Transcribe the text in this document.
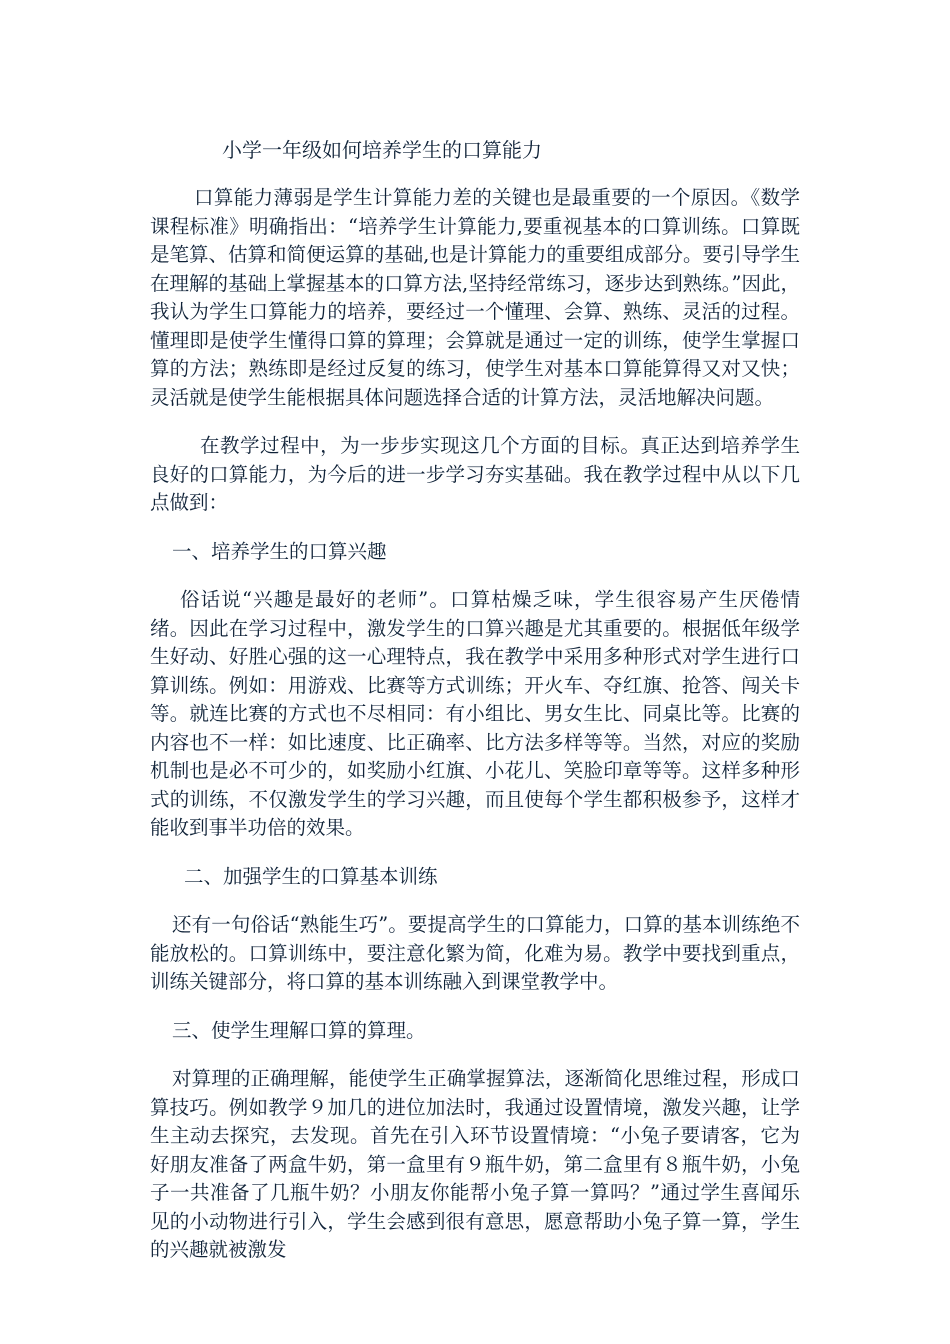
小学一年级如何培养学生的口算能力

口算能力薄弱是学生计算能力差的关键也是最重要的一个原因。《数学课程标准》明确指出：“培养学生计算能力,要重视基本的口算训练。口算既是笔算、估算和简便运算的基础,也是计算能力的重要组成部分。要引导学生在理解的基础上掌握基本的口算方法,坚持经常练习，逐步达到熟练。”因此，我认为学生口算能力的培养，要经过一个懂理、会算、熟练、灵活的过程。懂理即是使学生懂得口算的算理；会算就是通过一定的训练，使学生掌握口算的方法；熟练即是经过反复的练习，使学生对基本口算能算得又对又快；灵活就是使学生能根据具体问题选择合适的计算方法，灵活地解决问题。

在教学过程中，为一步步实现这几个方面的目标。真正达到培养学生良好的口算能力，为今后的进一步学习夯实基础。我在教学过程中从以下几点做到：

一、培养学生的口算兴趣

俗话说“兴趣是最好的老师”。口算枯燥乏味，学生很容易产生厌倦情绪。因此在学习过程中，激发学生的口算兴趣是尤其重要的。根据低年级学生好动、好胜心强的这一心理特点，我在教学中采用多种形式对学生进行口算训练。例如：用游戏、比赛等方式训练；开火车、夺红旗、抢答、闯关卡等。就连比赛的方式也不尽相同：有小组比、男女生比、同桌比等。比赛的内容也不一样：如比速度、比正确率、比方法多样等等。当然，对应的奖励机制也是必不可少的，如奖励小红旗、小花儿、笑脸印章等等。这样多种形式的训练，不仅激发学生的学习兴趣，而且使每个学生都积极参予，这样才能收到事半功倍的效果。

二、加强学生的口算基本训练

还有一句俗话“熟能生巧”。要提高学生的口算能力，口算的基本训练绝不能放松的。口算训练中，要注意化繁为简，化难为易。教学中要找到重点，训练关键部分，将口算的基本训练融入到课堂教学中。

三、使学生理解口算的算理。

对算理的正确理解，能使学生正确掌握算法，逐渐简化思维过程，形成口算技巧。例如教学９加几的进位加法时，我通过设置情境，激发兴趣，让学生主动去探究，去发现。首先在引入环节设置情境：“小兔子要请客，它为好朋友准备了两盒牛奶，第一盒里有９瓶牛奶，第二盒里有８瓶牛奶，小兔子一共准备了几瓶牛奶？小朋友你能帮小兔子算一算吗？”通过学生喜闻乐见的小动物进行引入，学生会感到很有意思，愿意帮助小兔子算一算，学生的兴趣就被激发
